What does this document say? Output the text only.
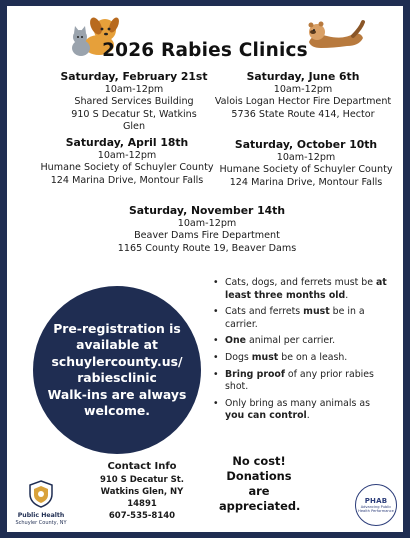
2026 Rabies Clinics
Saturday, February 21st
10am-12pm
Shared Services Building
910 S Decatur St, Watkins Glen
Saturday, June 6th
10am-12pm
Valois Logan Hector Fire Department
5736 State Route 414, Hector
Saturday, April 18th
10am-12pm
Humane Society of Schuyler County
124 Marina Drive, Montour Falls
Saturday, October 10th
10am-12pm
Humane Society of Schuyler County
124 Marina Drive, Montour Falls
Saturday, November 14th
10am-12pm
Beaver Dams Fire Department
1165 County Route 19, Beaver Dams
Pre-registration is
available at
schuylercounty.us/
rabiesclinic
Walk-ins are always
welcome.
• Cats, dogs, and ferrets must be at least three months old.
• Cats and ferrets must be in a carrier.
• One animal per carrier.
• Dogs must be on a leash.
• Bring proof of any prior rabies shot.
• Only bring as many animals as you can control.
Public Health
Schuyler County, NY
Contact Info
910 S Decatur St.
Watkins Glen, NY 14891
607-535-8140
No cost!
Donations are
appreciated.	PHAB
Advancing Public Health Performance
